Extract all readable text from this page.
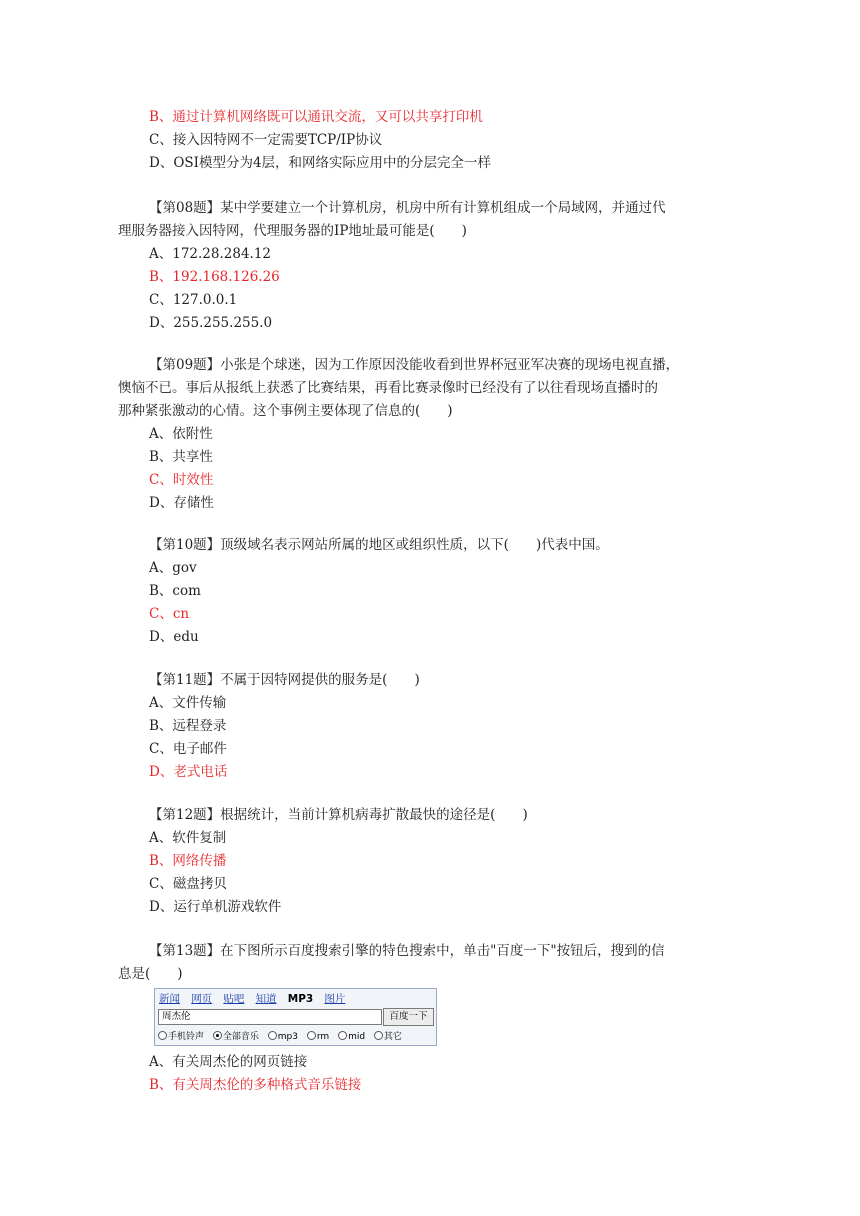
B、通过计算机网络既可以通讯交流，又可以共享打印机
C、接入因特网不一定需要TCP/IP协议
D、OSI模型分为4层，和网络实际应用中的分层完全一样
【第08题】某中学要建立一个计算机房，机房中所有计算机组成一个局域网，并通过代
理服务器接入因特网，代理服务器的IP地址最可能是(　　)
A、172.28.284.12
B、192.168.126.26
C、127.0.0.1
D、255.255.255.0
【第09题】小张是个球迷，因为工作原因没能收看到世界杯冠亚军决赛的现场电视直播，
懊恼不已。事后从报纸上获悉了比赛结果，再看比赛录像时已经没有了以往看现场直播时的
那种紧张激动的心情。这个事例主要体现了信息的(　　)
A、依附性
B、共享性
C、时效性
D、存储性
【第10题】顶级域名表示网站所属的地区或组织性质，以下(　　)代表中国。
A、gov
B、com
C、cn
D、edu
【第11题】不属于因特网提供的服务是(　　)
A、文件传输
B、远程登录
C、电子邮件
D、老式电话
【第12题】根据统计，当前计算机病毒扩散最快的途径是(　　)
A、软件复制
B、网络传播
C、磁盘拷贝
D、运行单机游戏软件
【第13题】在下图所示百度搜索引擎的特色搜索中，单击"百度一下"按钮后，搜到的信
息是(　　)
新闻 网页 贴吧 知道 MP3 图片
周杰伦	百度一下
手机铃声 全部音乐 mp3 rm mid 其它
A、有关周杰伦的网页链接
B、有关周杰伦的多种格式音乐链接
